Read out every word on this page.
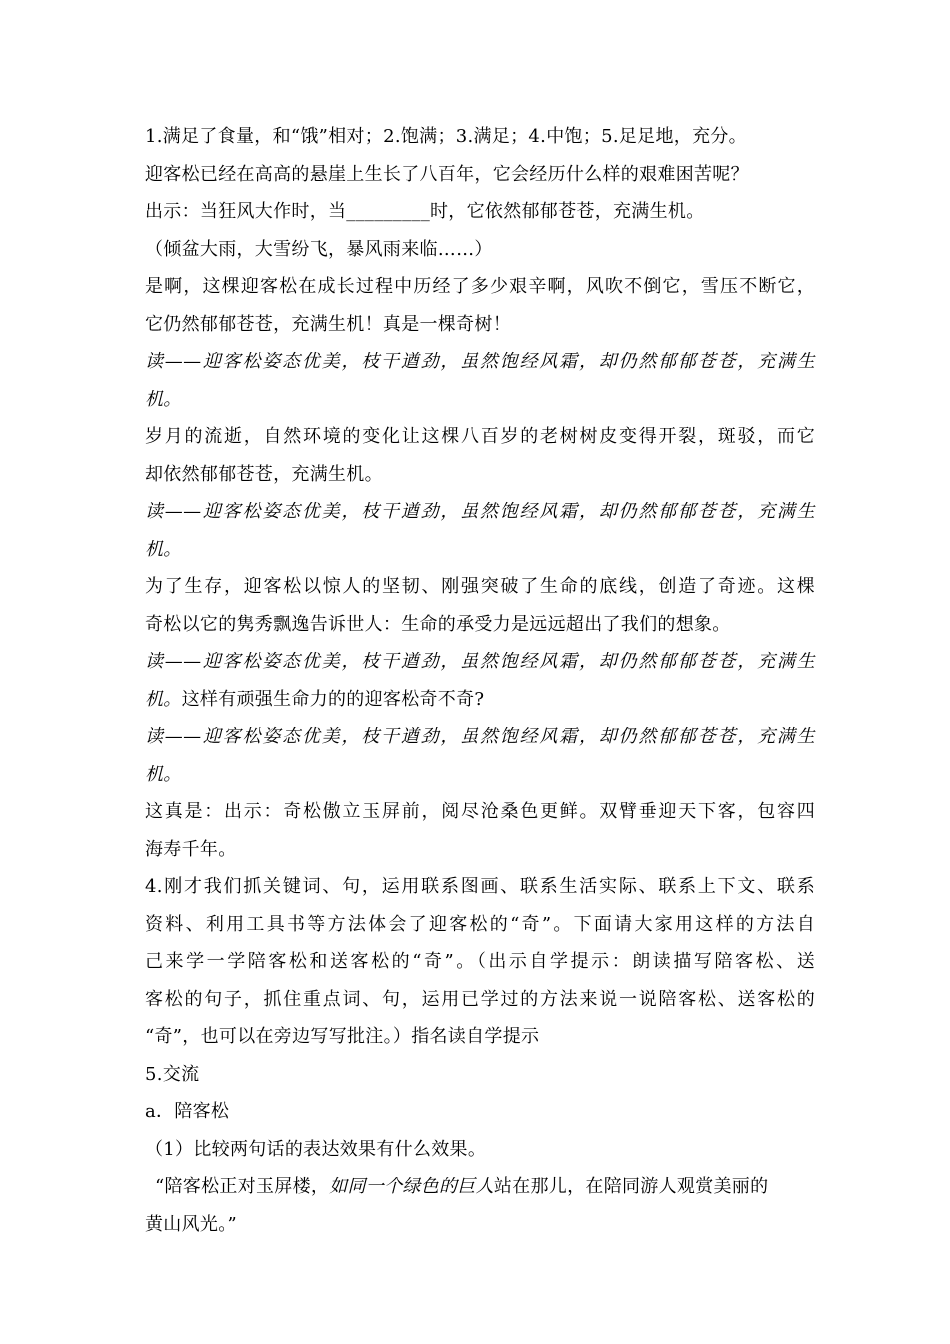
1.满足了食量，和“饿”相对；2.饱满；3.满足；4.中饱；5.足足地，充分。
迎客松已经在高高的悬崖上生长了八百年，它会经历什么样的艰难困苦呢？
出示：当狂风大作时，当_________时，它依然郁郁苍苍，充满生机。
（倾盆大雨，大雪纷飞，暴风雨来临……）
是啊，这棵迎客松在成长过程中历经了多少艰辛啊，风吹不倒它，雪压不断它，
它仍然郁郁苍苍，充满生机！真是一棵奇树！
读——迎客松姿态优美，枝干遒劲，虽然饱经风霜，却仍然郁郁苍苍，充满生
机。
岁月的流逝，自然环境的变化让这棵八百岁的老树树皮变得开裂，斑驳，而它
却依然郁郁苍苍，充满生机。
读——迎客松姿态优美，枝干遒劲，虽然饱经风霜，却仍然郁郁苍苍，充满生
机。
为了生存，迎客松以惊人的坚韧、刚强突破了生命的底线，创造了奇迹。这棵
奇松以它的隽秀飘逸告诉世人：生命的承受力是远远超出了我们的想象。
读——迎客松姿态优美，枝干遒劲，虽然饱经风霜，却仍然郁郁苍苍，充满生
机。这样有顽强生命力的的迎客松奇不奇?
读——迎客松姿态优美，枝干遒劲，虽然饱经风霜，却仍然郁郁苍苍，充满生
机。
这真是：出示：奇松傲立玉屏前，阅尽沧桑色更鲜。双臂垂迎天下客，包容四
海寿千年。
4.刚才我们抓关键词、句，运用联系图画、联系生活实际、联系上下文、联系
资料、利用工具书等方法体会了迎客松的“奇”。下面请大家用这样的方法自
己来学一学陪客松和送客松的“奇”。（出示自学提示：朗读描写陪客松、送
客松的句子，抓住重点词、句，运用已学过的方法来说一说陪客松、送客松的
“奇”，也可以在旁边写写批注。）指名读自学提示
5.交流
a．陪客松
（1）比较两句话的表达效果有什么效果。
“陪客松正对玉屏楼，如同一个绿色的巨人站在那儿，在陪同游人观赏美丽的
黄山风光。”
